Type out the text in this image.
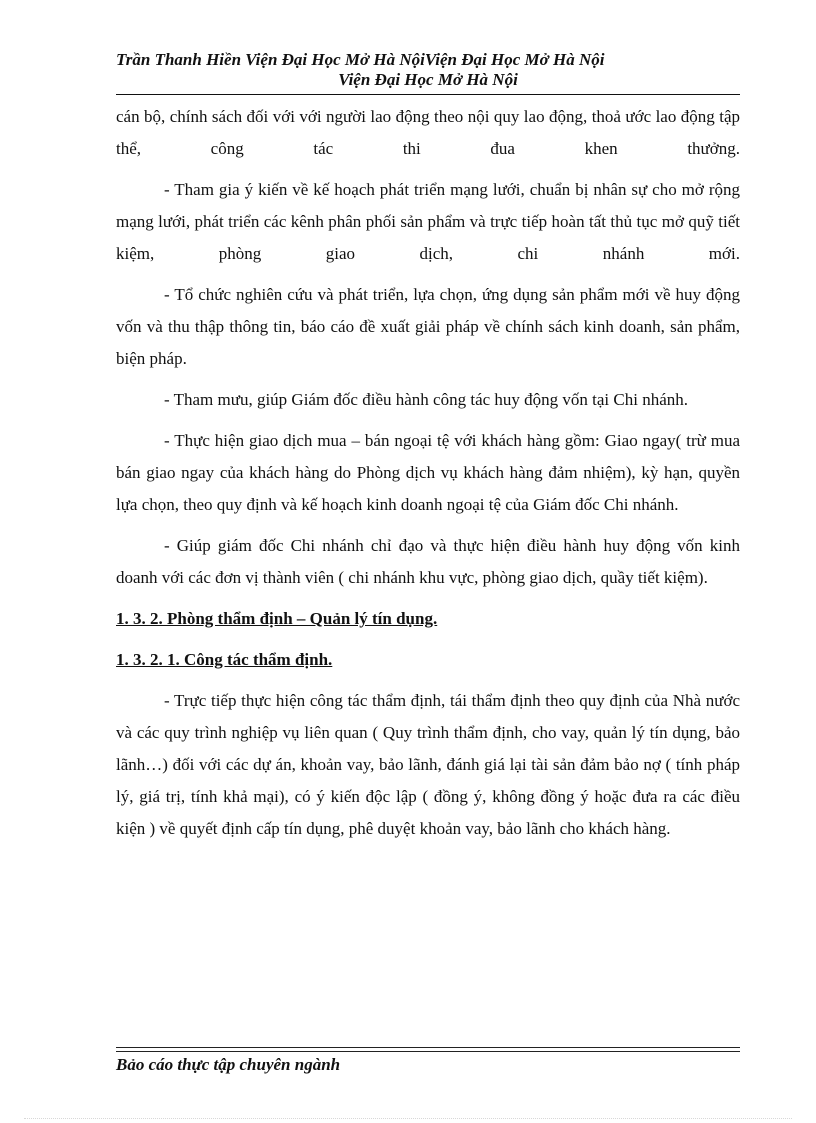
Trần Thanh Hiền Viện Đại Học Mở Hà NộiViện Đại Học Mở Hà Nội
Viện Đại Học Mở Hà Nội

cán bộ, chính sách đối với với người lao động theo nội quy lao động, thoả ước lao động tập thể, công tác thi đua khen thưởng.

- Tham gia ý kiến về kế hoạch phát triển mạng lưới, chuẩn bị nhân sự cho mở rộng mạng lưới, phát triển các kênh phân phối sản phẩm và trực tiếp hoàn tất thủ tục mở quỹ tiết kiệm, phòng giao dịch, chi nhánh mới.

- Tổ chức nghiên cứu và phát triển, lựa chọn, ứng dụng sản phẩm mới về huy động vốn và thu thập thông tin, báo cáo đề xuất giải pháp về chính sách kinh doanh, sản phẩm, biện pháp.

- Tham mưu, giúp Giám đốc điều hành công tác huy động vốn tại Chi nhánh.

- Thực hiện giao dịch mua – bán ngoại tệ với khách hàng gồm: Giao ngay( trừ mua bán giao ngay của khách hàng do Phòng dịch vụ khách hàng đảm nhiệm), kỳ hạn, quyền lựa chọn, theo quy định và kế hoạch kinh doanh ngoại tệ của Giám đốc Chi nhánh.

- Giúp giám đốc Chi nhánh chỉ đạo và thực hiện điều hành huy động vốn kinh doanh với các đơn vị thành viên ( chi nhánh khu vực, phòng giao dịch, quầy tiết kiệm).

1. 3. 2. Phòng thẩm định – Quản lý tín dụng.
1. 3. 2. 1. Công tác thẩm định.

- Trực tiếp thực hiện công tác thẩm định, tái thẩm định theo quy định của Nhà nước và các quy trình nghiệp vụ liên quan ( Quy trình thẩm định, cho vay, quản lý tín dụng, bảo lãnh…) đối với các dự án, khoản vay, bảo lãnh, đánh giá lại tài sản đảm bảo nợ ( tính pháp lý, giá trị, tính khả mại), có ý kiến độc lập ( đồng ý, không đồng ý hoặc đưa ra các điều kiện ) về quyết định cấp tín dụng, phê duyệt khoản vay, bảo lãnh cho khách hàng.

Bảo cáo thực tập chuyên ngành
